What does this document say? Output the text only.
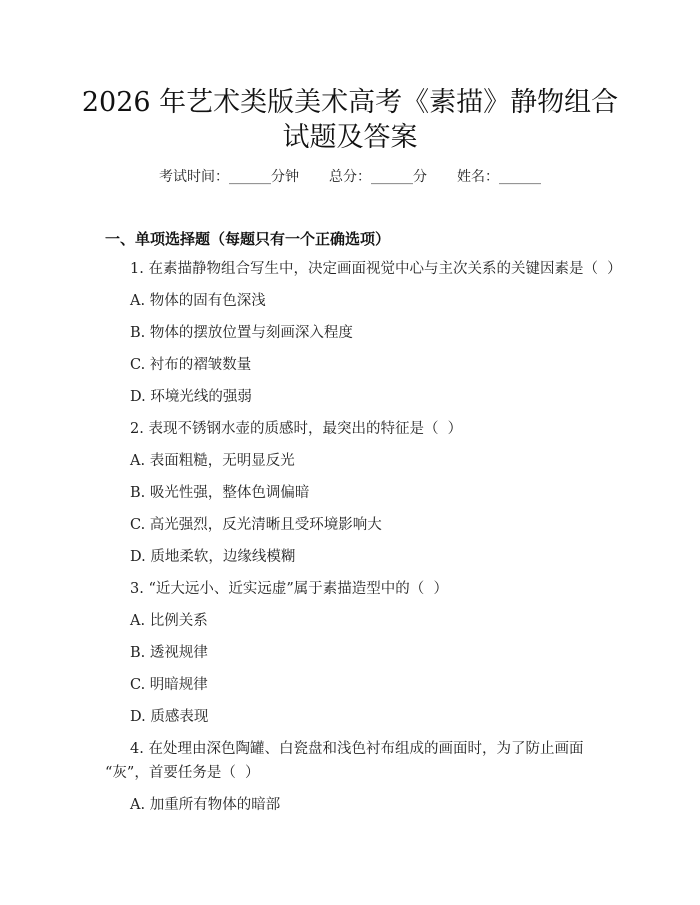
2026 年艺术类版美术高考《素描》静物组合
试题及答案
考试时间：______分钟 总分：______分 姓名：______
一、单项选择题（每题只有一个正确选项）
1. 在素描静物组合写生中，决定画面视觉中心与主次关系的关键因素是（  ）
A. 物体的固有色深浅
B. 物体的摆放位置与刻画深入程度
C. 衬布的褶皱数量
D. 环境光线的强弱
2. 表现不锈钢水壶的质感时，最突出的特征是（  ）
A. 表面粗糙，无明显反光
B. 吸光性强，整体色调偏暗
C. 高光强烈，反光清晰且受环境影响大
D. 质地柔软，边缘线模糊
3. “近大远小、近实远虚”属于素描造型中的（  ）
A. 比例关系
B. 透视规律
C. 明暗规律
D. 质感表现
4. 在处理由深色陶罐、白瓷盘和浅色衬布组成的画面时，为了防止画面
“灰”，首要任务是（  ）
A. 加重所有物体的暗部
